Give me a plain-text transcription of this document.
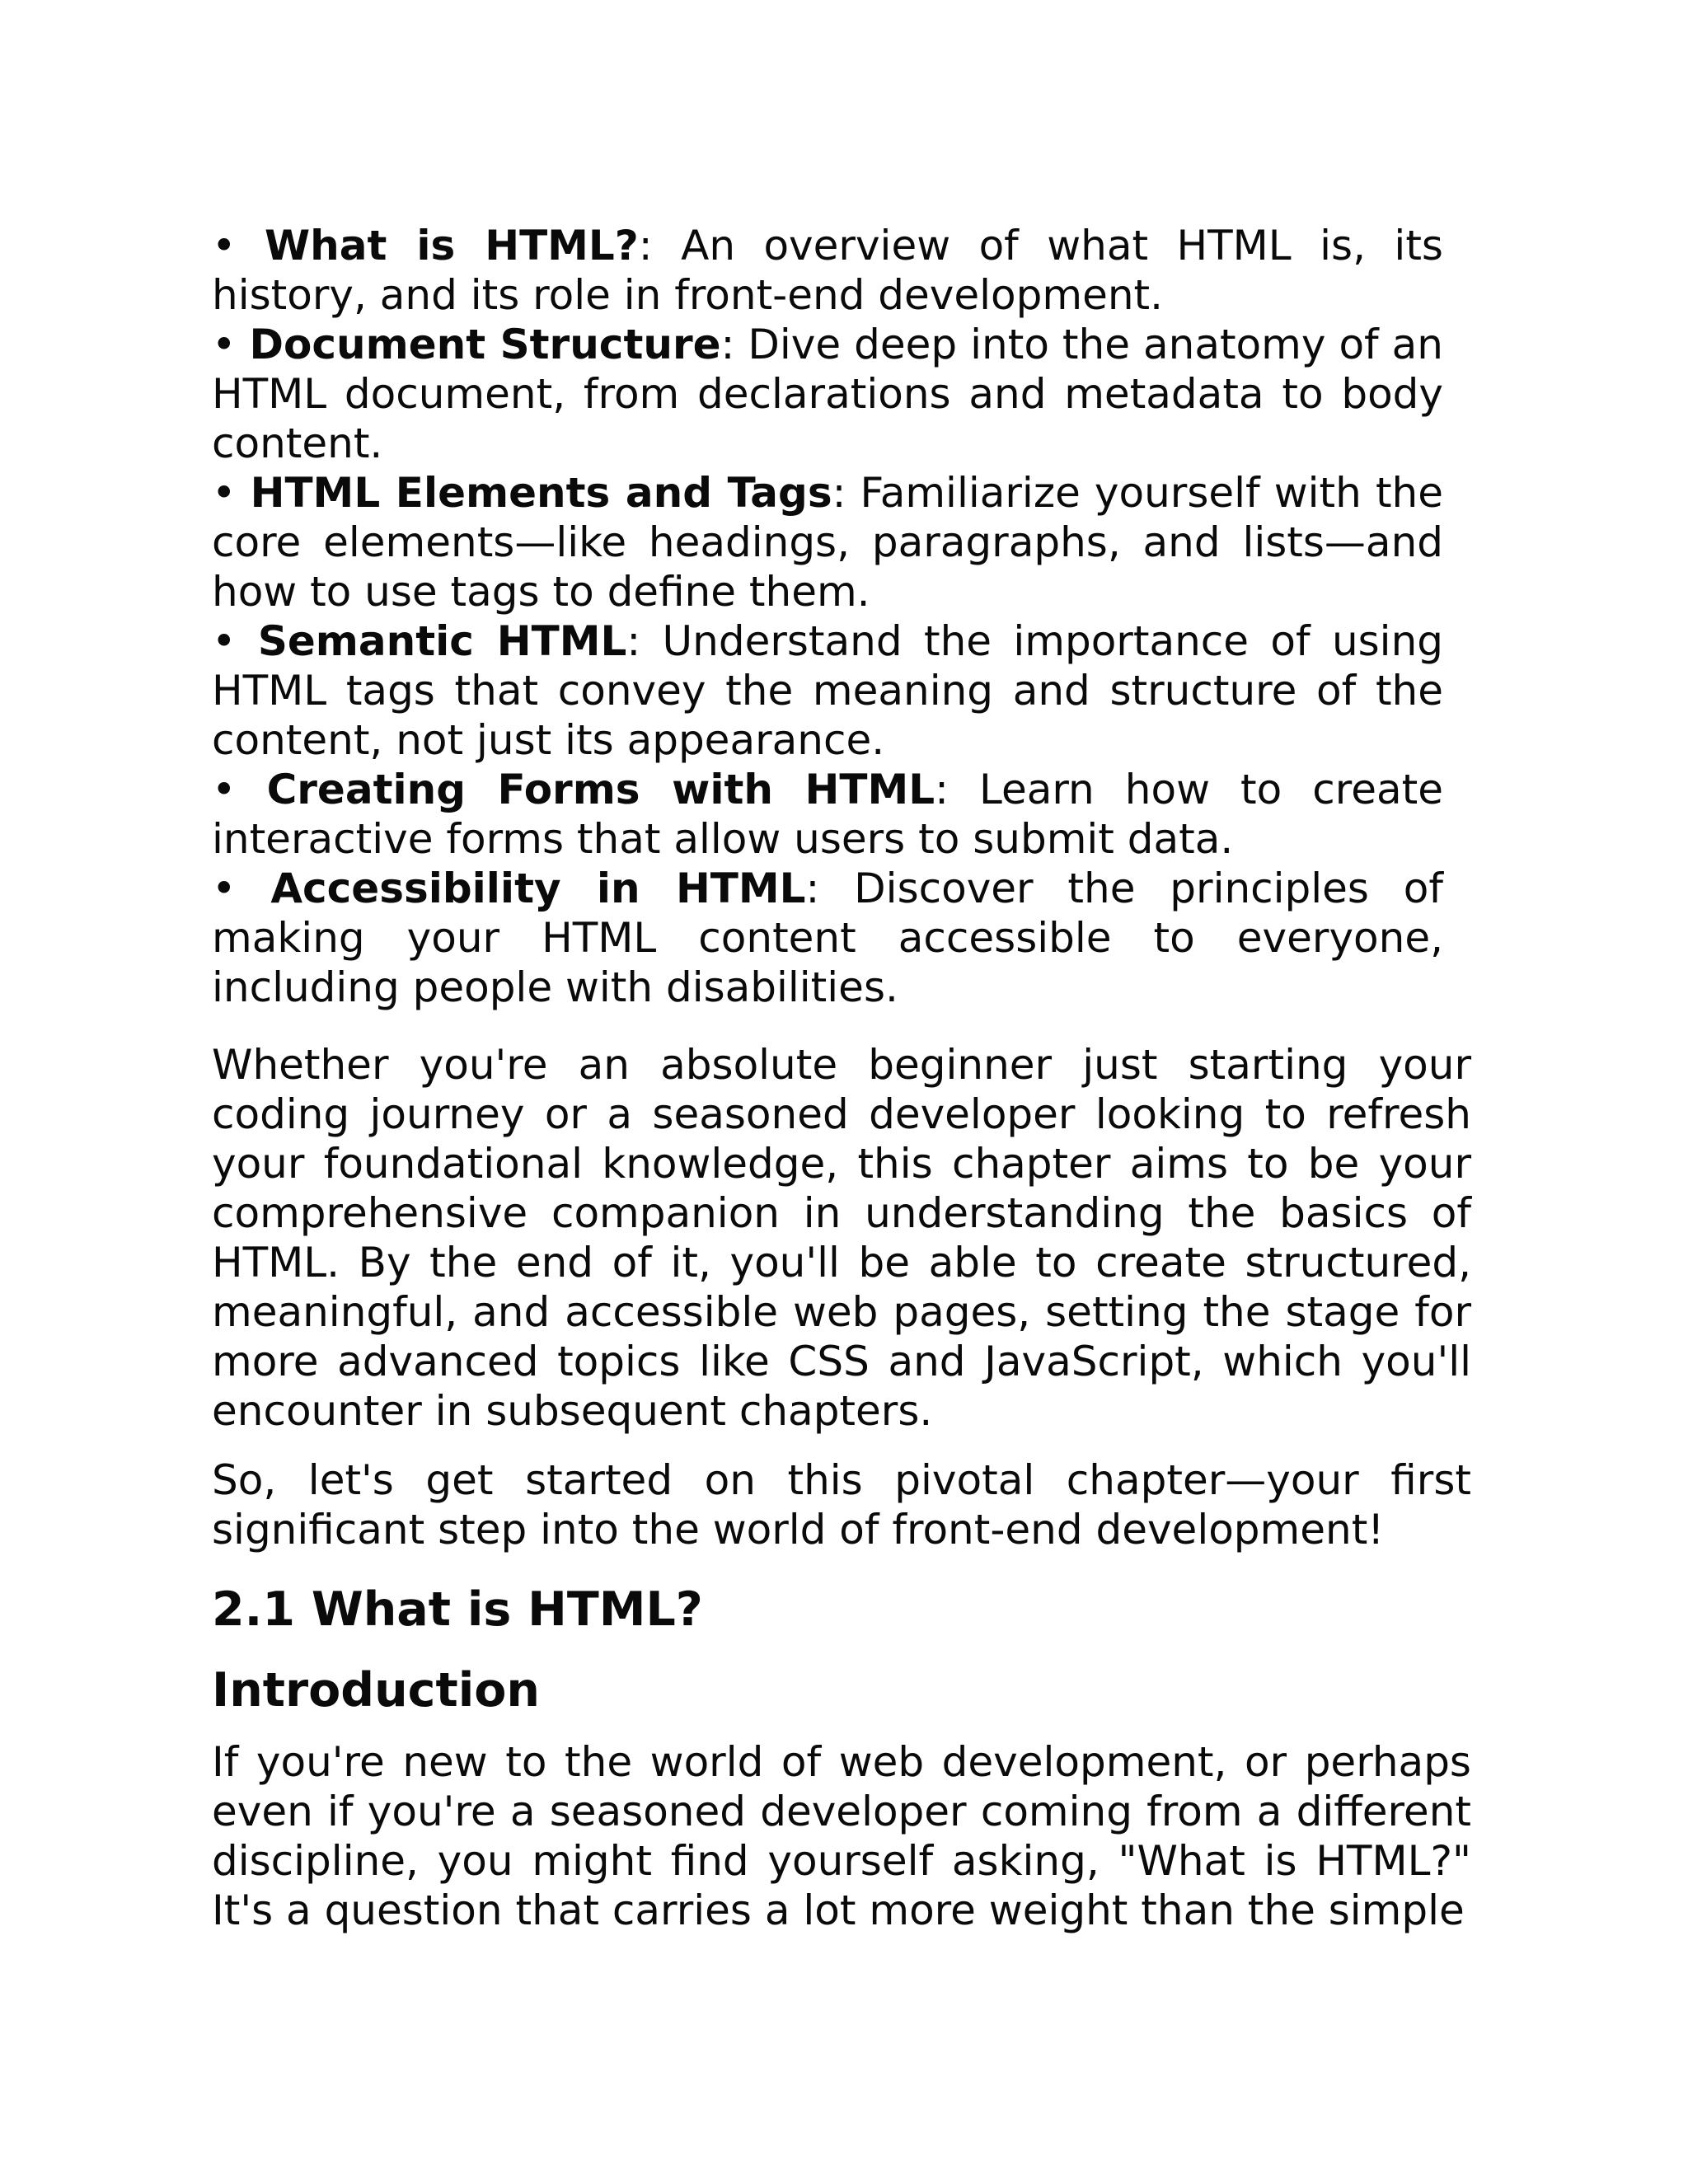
• What is HTML?: An overview of what HTML is, its history, and its role in front-end development.
• Document Structure: Dive deep into the anatomy of an HTML document, from declarations and metadata to body content.
• HTML Elements and Tags: Familiarize yourself with the core elements—like headings, paragraphs, and lists—and how to use tags to define them.
• Semantic HTML: Understand the importance of using HTML tags that convey the meaning and structure of the content, not just its appearance.
• Creating Forms with HTML: Learn how to create interactive forms that allow users to submit data.
• Accessibility in HTML: Discover the principles of making your HTML content accessible to everyone, including people with disabilities.

Whether you're an absolute beginner just starting your coding journey or a seasoned developer looking to refresh your foundational knowledge, this chapter aims to be your comprehensive companion in understanding the basics of HTML. By the end of it, you'll be able to create structured, meaningful, and accessible web pages, setting the stage for more advanced topics like CSS and JavaScript, which you'll encounter in subsequent chapters.

So, let's get started on this pivotal chapter—your first significant step into the world of front-end development!

2.1 What is HTML?
Introduction

If you're new to the world of web development, or perhaps even if you're a seasoned developer coming from a different discipline, you might find yourself asking, "What is HTML?" It's a question that carries a lot more weight than the simple
